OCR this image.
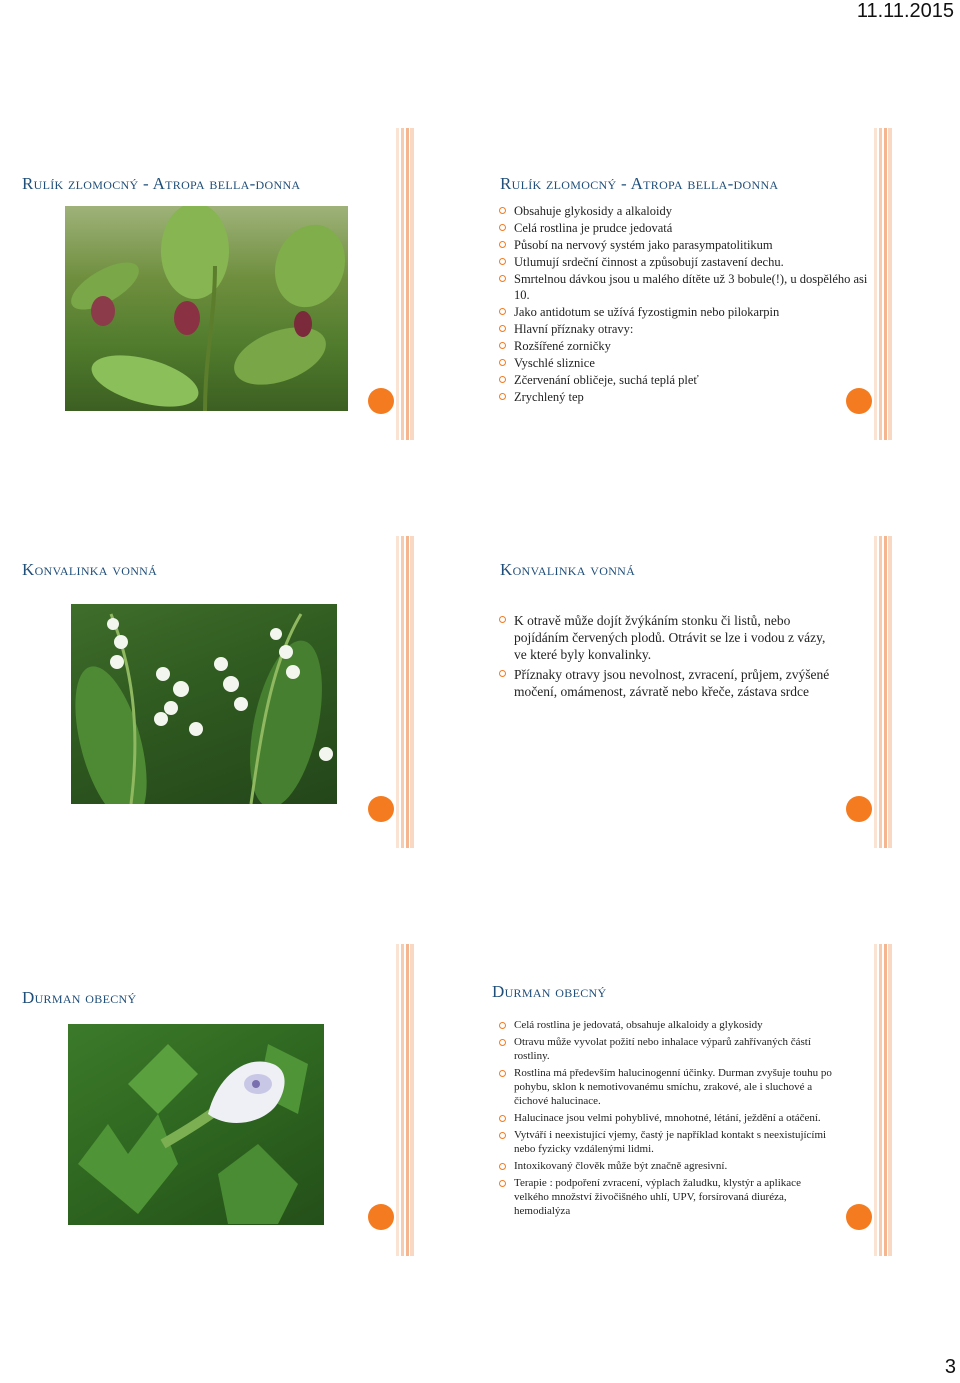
11.11.2015
Rulík zlomocný - Atropa bella-donna	Rulík zlomocný - Atropa bella-donna
Obsahuje glykosidy a alkaloidy
Celá rostlina je prudce jedovatá
Působí na nervový systém jako parasympatolitikum
Utlumují srdeční činnost a způsobují zastavení dechu.
Smrtelnou dávkou jsou u malého dítěte už 3 bobule(!), u dospělého asi 10.
Jako antidotum se užívá fyzostigmin nebo pilokarpin
Hlavní příznaky otravy:
Rozšířené zorničky
Vyschlé sliznice
Zčervenání obličeje, suchá teplá pleť
Zrychlený tep
Konvalinka vonná	Konvalinka vonná
K otravě může dojít žvýkáním stonku či listů, nebo pojídáním červených plodů. Otrávit se lze i vodou z vázy, ve které byly konvalinky.
Příznaky otravy jsou nevolnost, zvracení, průjem, zvýšené močení, omámenost, závratě nebo křeče, zástava srdce
Durman obecný	Durman obecný
Celá rostlina je jedovatá, obsahuje alkaloidy a glykosidy
Otravu může vyvolat požití nebo inhalace výparů zahřívaných částí rostliny.
Rostlina má především halucinogenní účinky. Durman zvyšuje touhu po pohybu, sklon k nemotivovanému smíchu, zrakové, ale i sluchové a čichové halucinace.
Halucinace jsou velmi pohyblivé, mnohotné, létání, ježdění a otáčení.
Vytváří i neexistující vjemy, častý je například kontakt s neexistujícími nebo fyzicky vzdálenými lidmi.
Intoxikovaný člověk může být značně agresivní.
Terapie : podpoření zvracení, výplach žaludku, klystýr a aplikace velkého množství živočišného uhlí, UPV, forsírovaná diuréza, hemodialýza
3
